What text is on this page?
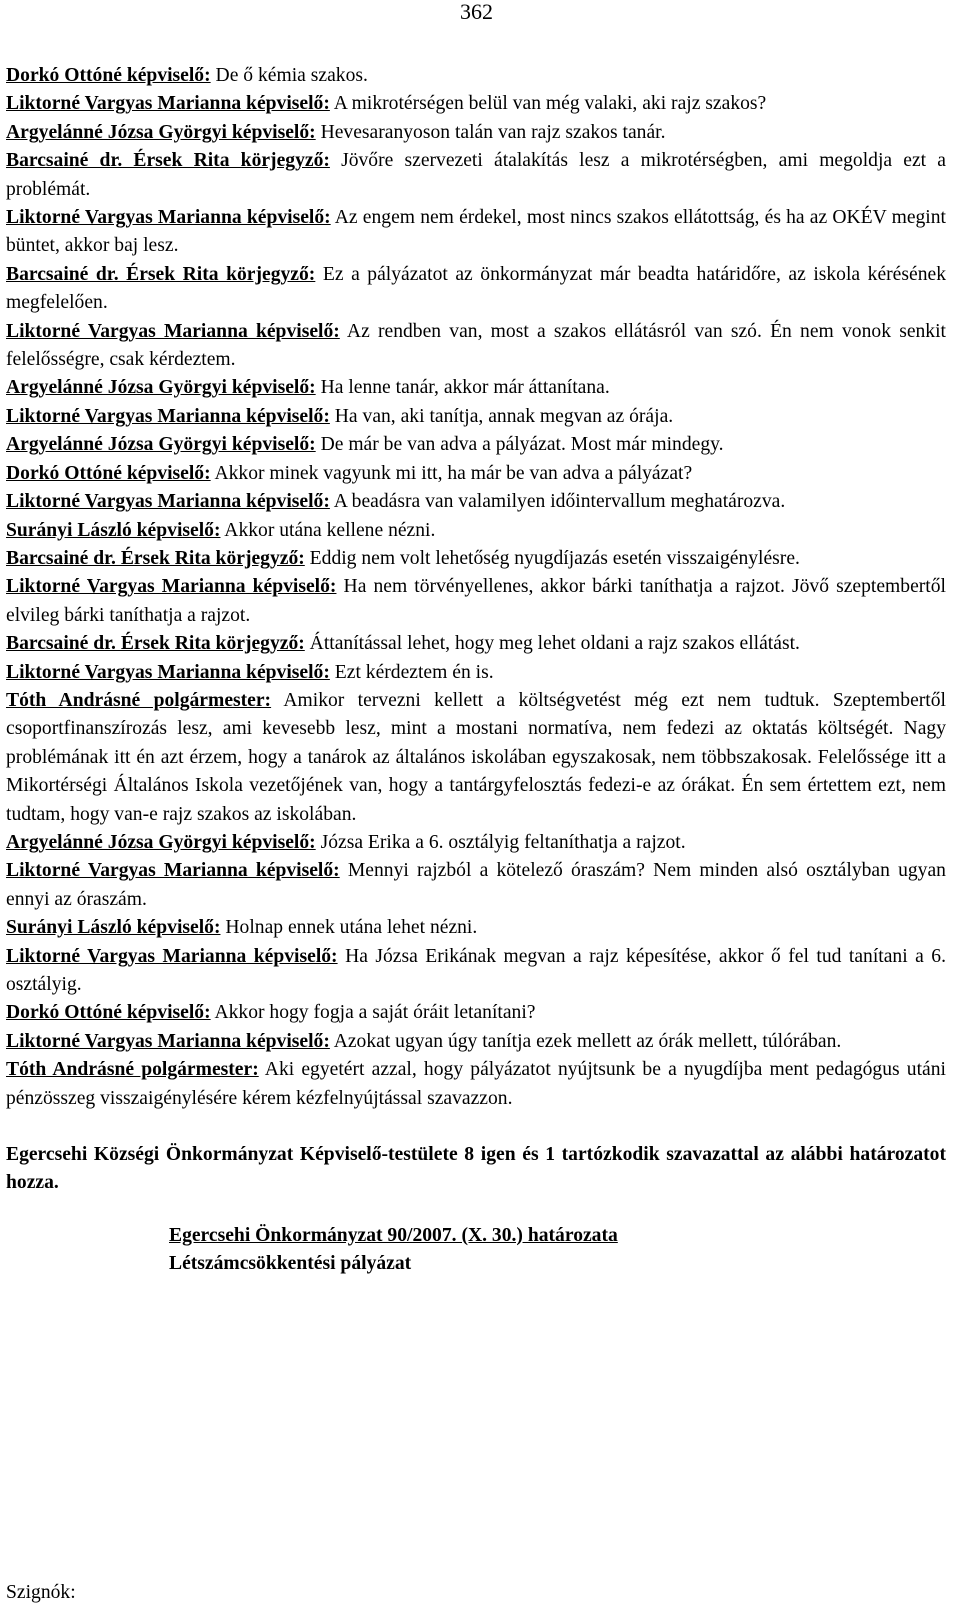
362

Dorkó Ottóné képviselő: De ő kémia szakos.

Liktorné Vargyas Marianna képviselő: A mikrotérségen belül van még valaki, aki rajz szakos?

Argyelánné Józsa Györgyi képviselő: Hevesaranyoson talán van rajz szakos tanár.

Barcsainé dr. Érsek Rita körjegyző: Jövőre szervezeti átalakítás lesz a mikrotérségben, ami megoldja ezt a problémát.

Liktorné Vargyas Marianna képviselő: Az engem nem érdekel, most nincs szakos ellátottság, és ha az OKÉV megint büntet, akkor baj lesz.

Barcsainé dr. Érsek Rita körjegyző: Ez a pályázatot az önkormányzat már beadta határidőre, az iskola kérésének megfelelően.

Liktorné Vargyas Marianna képviselő: Az rendben van, most a szakos ellátásról van szó. Én nem vonok senkit felelősségre, csak kérdeztem.

Argyelánné Józsa Györgyi képviselő: Ha lenne tanár, akkor már áttanítana.

Liktorné Vargyas Marianna képviselő: Ha van, aki tanítja, annak megvan az órája.

Argyelánné Józsa Györgyi képviselő: De már be van adva a pályázat. Most már mindegy.

Dorkó Ottóné képviselő: Akkor minek vagyunk mi itt, ha már be van adva a pályázat?

Liktorné Vargyas Marianna képviselő: A beadásra van valamilyen időintervallum meghatározva.

Surányi László képviselő: Akkor utána kellene nézni.

Barcsainé dr. Érsek Rita körjegyző: Eddig nem volt lehetőség nyugdíjazás esetén visszaigénylésre.

Liktorné Vargyas Marianna képviselő: Ha nem törvényellenes, akkor bárki taníthatja a rajzot. Jövő szeptembertől elvileg bárki taníthatja a rajzot.

Barcsainé dr. Érsek Rita körjegyző: Áttanítással lehet, hogy meg lehet oldani a rajz szakos ellátást.

Liktorné Vargyas Marianna képviselő: Ezt kérdeztem én is.

Tóth Andrásné polgármester: Amikor tervezni kellett a költségvetést még ezt nem tudtuk. Szeptembertől csoportfinanszírozás lesz, ami kevesebb lesz, mint a mostani normatíva, nem fedezi az oktatás költségét. Nagy problémának itt én azt érzem, hogy a tanárok az általános iskolában egyszakosak, nem többszakosak. Felelőssége itt a Mikortérségi Általános Iskola vezetőjének van, hogy a tantárgyfelosztás fedezi-e az órákat. Én sem értettem ezt, nem tudtam, hogy van-e rajz szakos az iskolában.

Argyelánné Józsa Györgyi képviselő: Józsa Erika a 6. osztályig feltaníthatja a rajzot.

Liktorné Vargyas Marianna képviselő: Mennyi rajzból a kötelező óraszám? Nem minden alsó osztályban ugyan ennyi az óraszám.

Surányi László képviselő: Holnap ennek utána lehet nézni.

Liktorné Vargyas Marianna képviselő: Ha Józsa Erikának megvan a rajz képesítése, akkor ő fel tud tanítani a 6. osztályig.

Dorkó Ottóné képviselő: Akkor hogy fogja a saját óráit letanítani?

Liktorné Vargyas Marianna képviselő: Azokat ugyan úgy tanítja ezek mellett az órák mellett, túlórában.

Tóth Andrásné polgármester: Aki egyetért azzal, hogy pályázatot nyújtsunk be a nyugdíjba ment pedagógus utáni pénzösszeg visszaigénylésére kérem kézfelnyújtással szavazzon.

Egercsehi Községi Önkormányzat Képviselő-testülete 8 igen és 1 tartózkodik szavazattal az alábbi határozatot hozza.

Egercsehi Önkormányzat 90/2007. (X. 30.) határozata
Létszámcsökkentési pályázat
Szignók:
